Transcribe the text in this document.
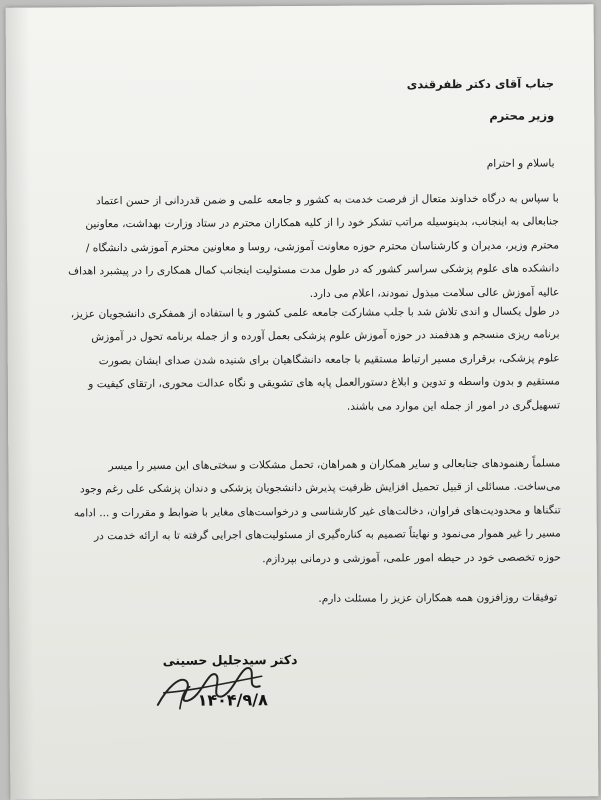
جناب آقای دکتر ظفرقندی
وزیر محترم
باسلام و احترام
با سپاس به درگاه خداوند متعال از فرصت خدمت به کشور و جامعه علمی و ضمن قدردانی از حسن اعتماد
جنابعالی به اینجانب، بدینوسیله مراتب تشکر خود را از کلیه همکاران محترم در ستاد وزارت بهداشت، معاونین
محترم وزیر، مدیران و کارشناسان محترم حوزه معاونت آموزشی، روسا و معاونین محترم آموزشی دانشگاه /
دانشکده های علوم پزشکی سراسر کشور که در طول مدت مسئولیت اینجانب کمال همکاری را در پیشبرد اهداف
عالیه آموزش عالی سلامت مبذول نمودند، اعلام می دارد.
در طول یکسال و اندی تلاش شد با جلب مشارکت جامعه علمی کشور و با استفاده از همفکری دانشجویان عزیز،
برنامه ریزی منسجم و هدفمند در حوزه آموزش علوم پزشکی بعمل آورده و از جمله برنامه تحول در آموزش
علوم پزشکی، برقراری مسیر ارتباط مستقیم با جامعه دانشگاهیان برای شنیده شدن صدای ایشان بصورت
مستقیم و بدون واسطه و تدوین و ابلاغ دستورالعمل پایه های تشویقی و نگاه عدالت محوری، ارتقای کیفیت و
تسهیل‌گری در امور از جمله این موارد می باشند.
مسلماً رهنمودهای جنابعالی و سایر همکاران و همراهان، تحمل مشکلات و سختی‌های این مسیر را میسر
می‌ساخت. مسائلی از قبیل تحمیل افزایش ظرفیت پذیرش دانشجویان پزشکی و دندان پزشکی علی رغم وجود
تنگناها و محدودیت‌های فراوان، دخالت‌های غیر کارشناسی و درخواست‌های مغایر با ضوابط و مقررات و ... ادامه
مسیر را غیر هموار می‌نمود و نهایتاً تصمیم به کناره‌گیری از مسئولیت‌های اجرایی گرفته تا به ارائه خدمت در
حوزه تخصصی خود در حیطه امور علمی، آموزشی و درمانی بپردازم.
توفیقات روزافزون همه همکاران عزیز را مسئلت دارم.
دکتر سیدجلیل حسینی
۱۴۰۴/۹/۸
